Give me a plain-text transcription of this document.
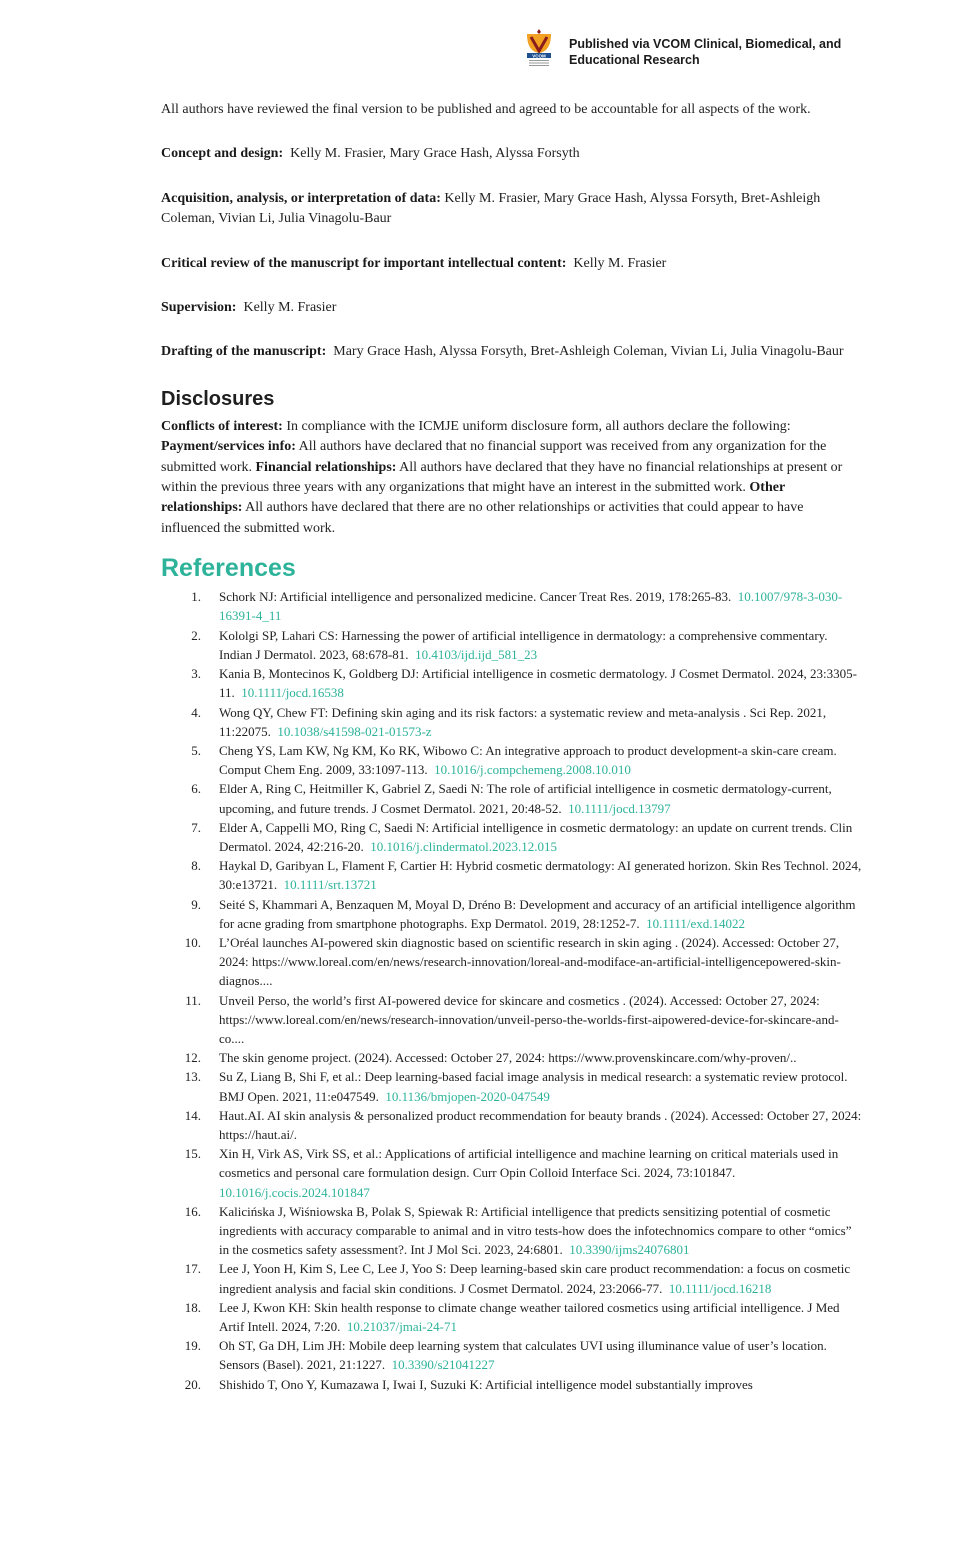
VCOM
Published via VCOM Clinical, Biomedical, and
Educational Research

All authors have reviewed the final version to be published and agreed to be accountable for all aspects of the work.

Concept and design: Kelly M. Frasier, Mary Grace Hash, Alyssa Forsyth

Acquisition, analysis, or interpretation of data: Kelly M. Frasier, Mary Grace Hash, Alyssa Forsyth, Bret-Ashleigh Coleman, Vivian Li, Julia Vinagolu-Baur

Critical review of the manuscript for important intellectual content: Kelly M. Frasier

Supervision: Kelly M. Frasier

Drafting of the manuscript: Mary Grace Hash, Alyssa Forsyth, Bret-Ashleigh Coleman, Vivian Li, Julia Vinagolu-Baur

Disclosures

Conflicts of interest: In compliance with the ICMJE uniform disclosure form, all authors declare the following: Payment/services info: All authors have declared that no financial support was received from any organization for the submitted work. Financial relationships: All authors have declared that they have no financial relationships at present or within the previous three years with any organizations that might have an interest in the submitted work. Other relationships: All authors have declared that there are no other relationships or activities that could appear to have influenced the submitted work.

References
1. Schork NJ: Artificial intelligence and personalized medicine. Cancer Treat Res. 2019, 178:265-83. 10.1007/978-3-030-16391-4_11
2. Kololgi SP, Lahari CS: Harnessing the power of artificial intelligence in dermatology: a comprehensive commentary. Indian J Dermatol. 2023, 68:678-81. 10.4103/ijd.ijd_581_23
3. Kania B, Montecinos K, Goldberg DJ: Artificial intelligence in cosmetic dermatology. J Cosmet Dermatol. 2024, 23:3305-11. 10.1111/jocd.16538
4. Wong QY, Chew FT: Defining skin aging and its risk factors: a systematic review and meta-analysis . Sci Rep. 2021, 11:22075. 10.1038/s41598-021-01573-z
5. Cheng YS, Lam KW, Ng KM, Ko RK, Wibowo C: An integrative approach to product development-a skin-care cream. Comput Chem Eng. 2009, 33:1097-113. 10.1016/j.compchemeng.2008.10.010
6. Elder A, Ring C, Heitmiller K, Gabriel Z, Saedi N: The role of artificial intelligence in cosmetic dermatology-current, upcoming, and future trends. J Cosmet Dermatol. 2021, 20:48-52. 10.1111/jocd.13797
7. Elder A, Cappelli MO, Ring C, Saedi N: Artificial intelligence in cosmetic dermatology: an update on current trends. Clin Dermatol. 2024, 42:216-20. 10.1016/j.clindermatol.2023.12.015
8. Haykal D, Garibyan L, Flament F, Cartier H: Hybrid cosmetic dermatology: AI generated horizon. Skin Res Technol. 2024, 30:e13721. 10.1111/srt.13721
9. Seité S, Khammari A, Benzaquen M, Moyal D, Dréno B: Development and accuracy of an artificial intelligence algorithm for acne grading from smartphone photographs. Exp Dermatol. 2019, 28:1252-7. 10.1111/exd.14022
10. L’Oréal launches AI-powered skin diagnostic based on scientific research in skin aging . (2024). Accessed: October 27, 2024: https://www.loreal.com/en/news/research-innovation/loreal-and-modiface-an-artificial-intelligencepowered-skin-diagnos....
11. Unveil Perso, the world’s first AI-powered device for skincare and cosmetics . (2024). Accessed: October 27, 2024: https://www.loreal.com/en/news/research-innovation/unveil-perso-the-worlds-first-aipowered-device-for-skincare-and-co....
12. The skin genome project. (2024). Accessed: October 27, 2024: https://www.provenskincare.com/why-proven/..
13. Su Z, Liang B, Shi F, et al.: Deep learning-based facial image analysis in medical research: a systematic review protocol. BMJ Open. 2021, 11:e047549. 10.1136/bmjopen-2020-047549
14. Haut.AI. AI skin analysis & personalized product recommendation for beauty brands . (2024). Accessed: October 27, 2024: https://haut.ai/.
15. Xin H, Virk AS, Virk SS, et al.: Applications of artificial intelligence and machine learning on critical materials used in cosmetics and personal care formulation design. Curr Opin Colloid Interface Sci. 2024, 73:101847.  10.1016/j.cocis.2024.101847
16. Kalicińska J, Wiśniowska B, Polak S, Spiewak R: Artificial intelligence that predicts sensitizing potential of cosmetic ingredients with accuracy comparable to animal and in vitro tests-how does the infotechnomics compare to other “omics” in the cosmetics safety assessment?. Int J Mol Sci. 2023, 24:6801. 10.3390/ijms24076801
17. Lee J, Yoon H, Kim S, Lee C, Lee J, Yoo S: Deep learning-based skin care product recommendation: a focus on cosmetic ingredient analysis and facial skin conditions. J Cosmet Dermatol. 2024, 23:2066-77. 10.1111/jocd.16218
18. Lee J, Kwon KH: Skin health response to climate change weather tailored cosmetics using artificial intelligence. J Med Artif Intell. 2024, 7:20. 10.21037/jmai-24-71
19. Oh ST, Ga DH, Lim JH: Mobile deep learning system that calculates UVI using illuminance value of user’s location. Sensors (Basel). 2021, 21:1227. 10.3390/s21041227
20. Shishido T, Ono Y, Kumazawa I, Iwai I, Suzuki K: Artificial intelligence model substantially improves
